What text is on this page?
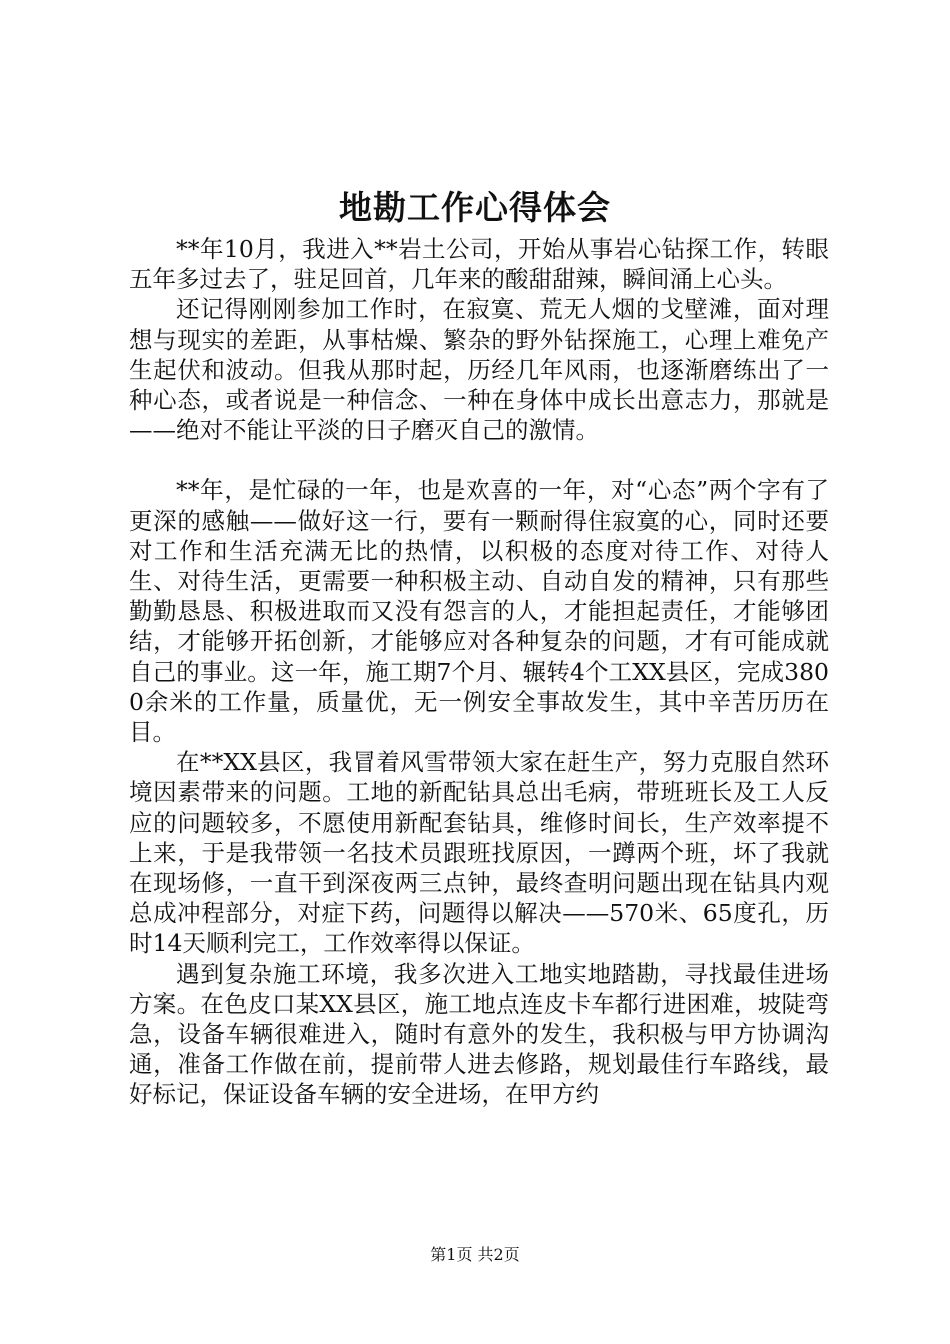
地勘工作心得体会

**年10月，我进入**岩土公司，开始从事岩心钻探工作，转眼五年多过去了，驻足回首，几年来的酸甜甜辣，瞬间涌上心头。

还记得刚刚参加工作时，在寂寞、荒无人烟的戈壁滩，面对理想与现实的差距，从事枯燥、繁杂的野外钻探施工，心理上难免产生起伏和波动。但我从那时起，历经几年风雨，也逐渐磨练出了一种心态，或者说是一种信念、一种在身体中成长出意志力，那就是——绝对不能让平淡的日子磨灭自己的激情。

**年，是忙碌的一年，也是欢喜的一年，对“心态”两个字有了更深的感触——做好这一行，要有一颗耐得住寂寞的心，同时还要对工作和生活充满无比的热情，以积极的态度对待工作、对待人生、对待生活，更需要一种积极主动、自动自发的精神，只有那些勤勤恳恳、积极进取而又没有怨言的人，才能担起责任，才能够团结，才能够开拓创新，才能够应对各种复杂的问题，才有可能成就自己的事业。这一年，施工期7个月、辗转4个工XX县区，完成3800余米的工作量，质量优，无一例安全事故发生，其中辛苦历历在目。

在**XX县区，我冒着风雪带领大家在赶生产，努力克服自然环境因素带来的问题。工地的新配钻具总出毛病，带班班长及工人反应的问题较多，不愿使用新配套钻具，维修时间长，生产效率提不上来，于是我带领一名技术员跟班找原因，一蹲两个班，坏了我就在现场修，一直干到深夜两三点钟，最终查明问题出现在钻具内观总成冲程部分，对症下药，问题得以解决——570米、65度孔，历时14天顺利完工，工作效率得以保证。

遇到复杂施工环境，我多次进入工地实地踏勘，寻找最佳进场方案。在色皮口某XX县区，施工地点连皮卡车都行进困难，坡陡弯急，设备车辆很难进入，随时有意外的发生，我积极与甲方协调沟通，准备工作做在前，提前带人进去修路，规划最佳行车路线，最好标记，保证设备车辆的安全进场，在甲方约

第1页 共2页
